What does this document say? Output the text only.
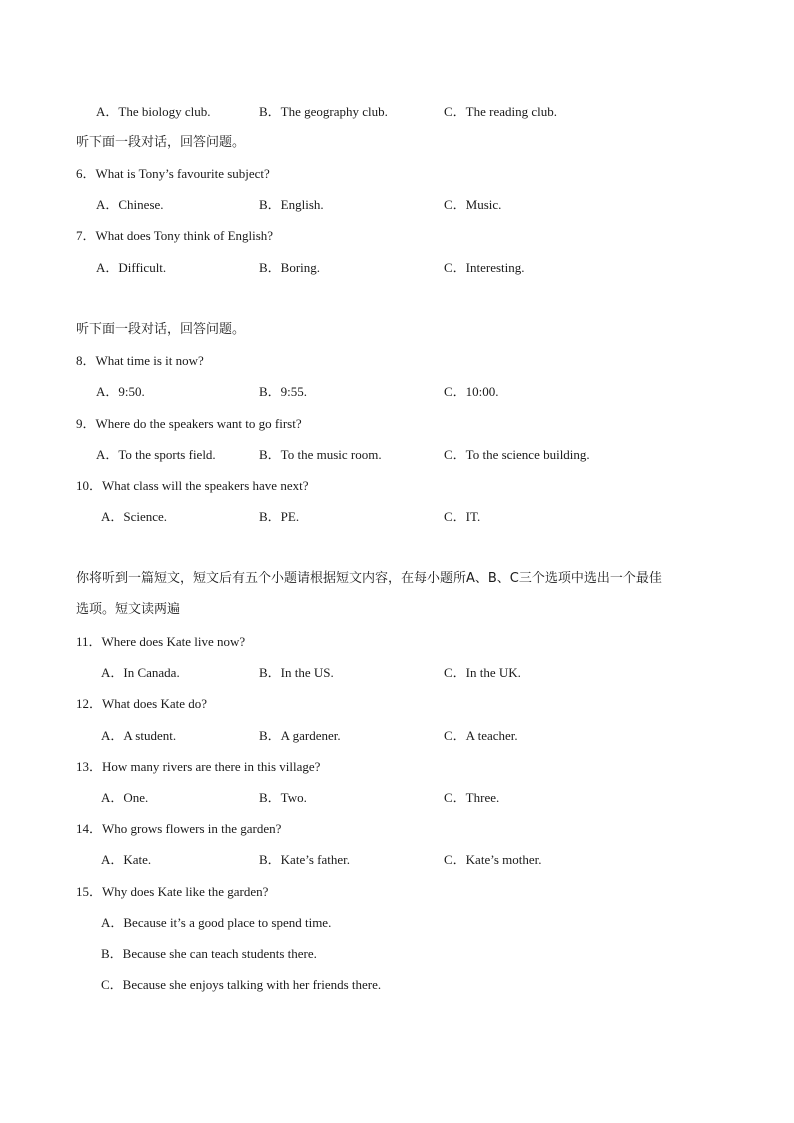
A．The biology club.	B．The geography club.	C．The reading club.
听下面一段对话，回答问题。
6．What is Tony’s favourite subject?
A．Chinese.	B．English.	C．Music.
7．What does Tony think of English?
A．Difficult.	B．Boring.	C．Interesting.
听下面一段对话，回答问题。
8．What time is it now?
A．9:50.	B．9:55.	C．10:00.
9．Where do the speakers want to go first?
A．To the sports field.	B．To the music room.	C．To the science building.
10．What class will the speakers have next?
A．Science.	B．PE.	C．IT.
你将听到一篇短文，短文后有五个小题请根据短文内容，在每小题所A、B、C三个选项中选出一个最佳
选项。短文读两遍
11．Where does Kate live now?
A．In Canada.	B．In the US.	C．In the UK.
12．What does Kate do?
A．A student.	B．A gardener.	C．A teacher.
13．How many rivers are there in this village?
A．One.	B．Two.	C．Three.
14．Who grows flowers in the garden?
A．Kate.	B．Kate’s father.	C．Kate’s mother.
15．Why does Kate like the garden?
A．Because it’s a good place to spend time.
B．Because she can teach students there.
C．Because she enjoys talking with her friends there.
